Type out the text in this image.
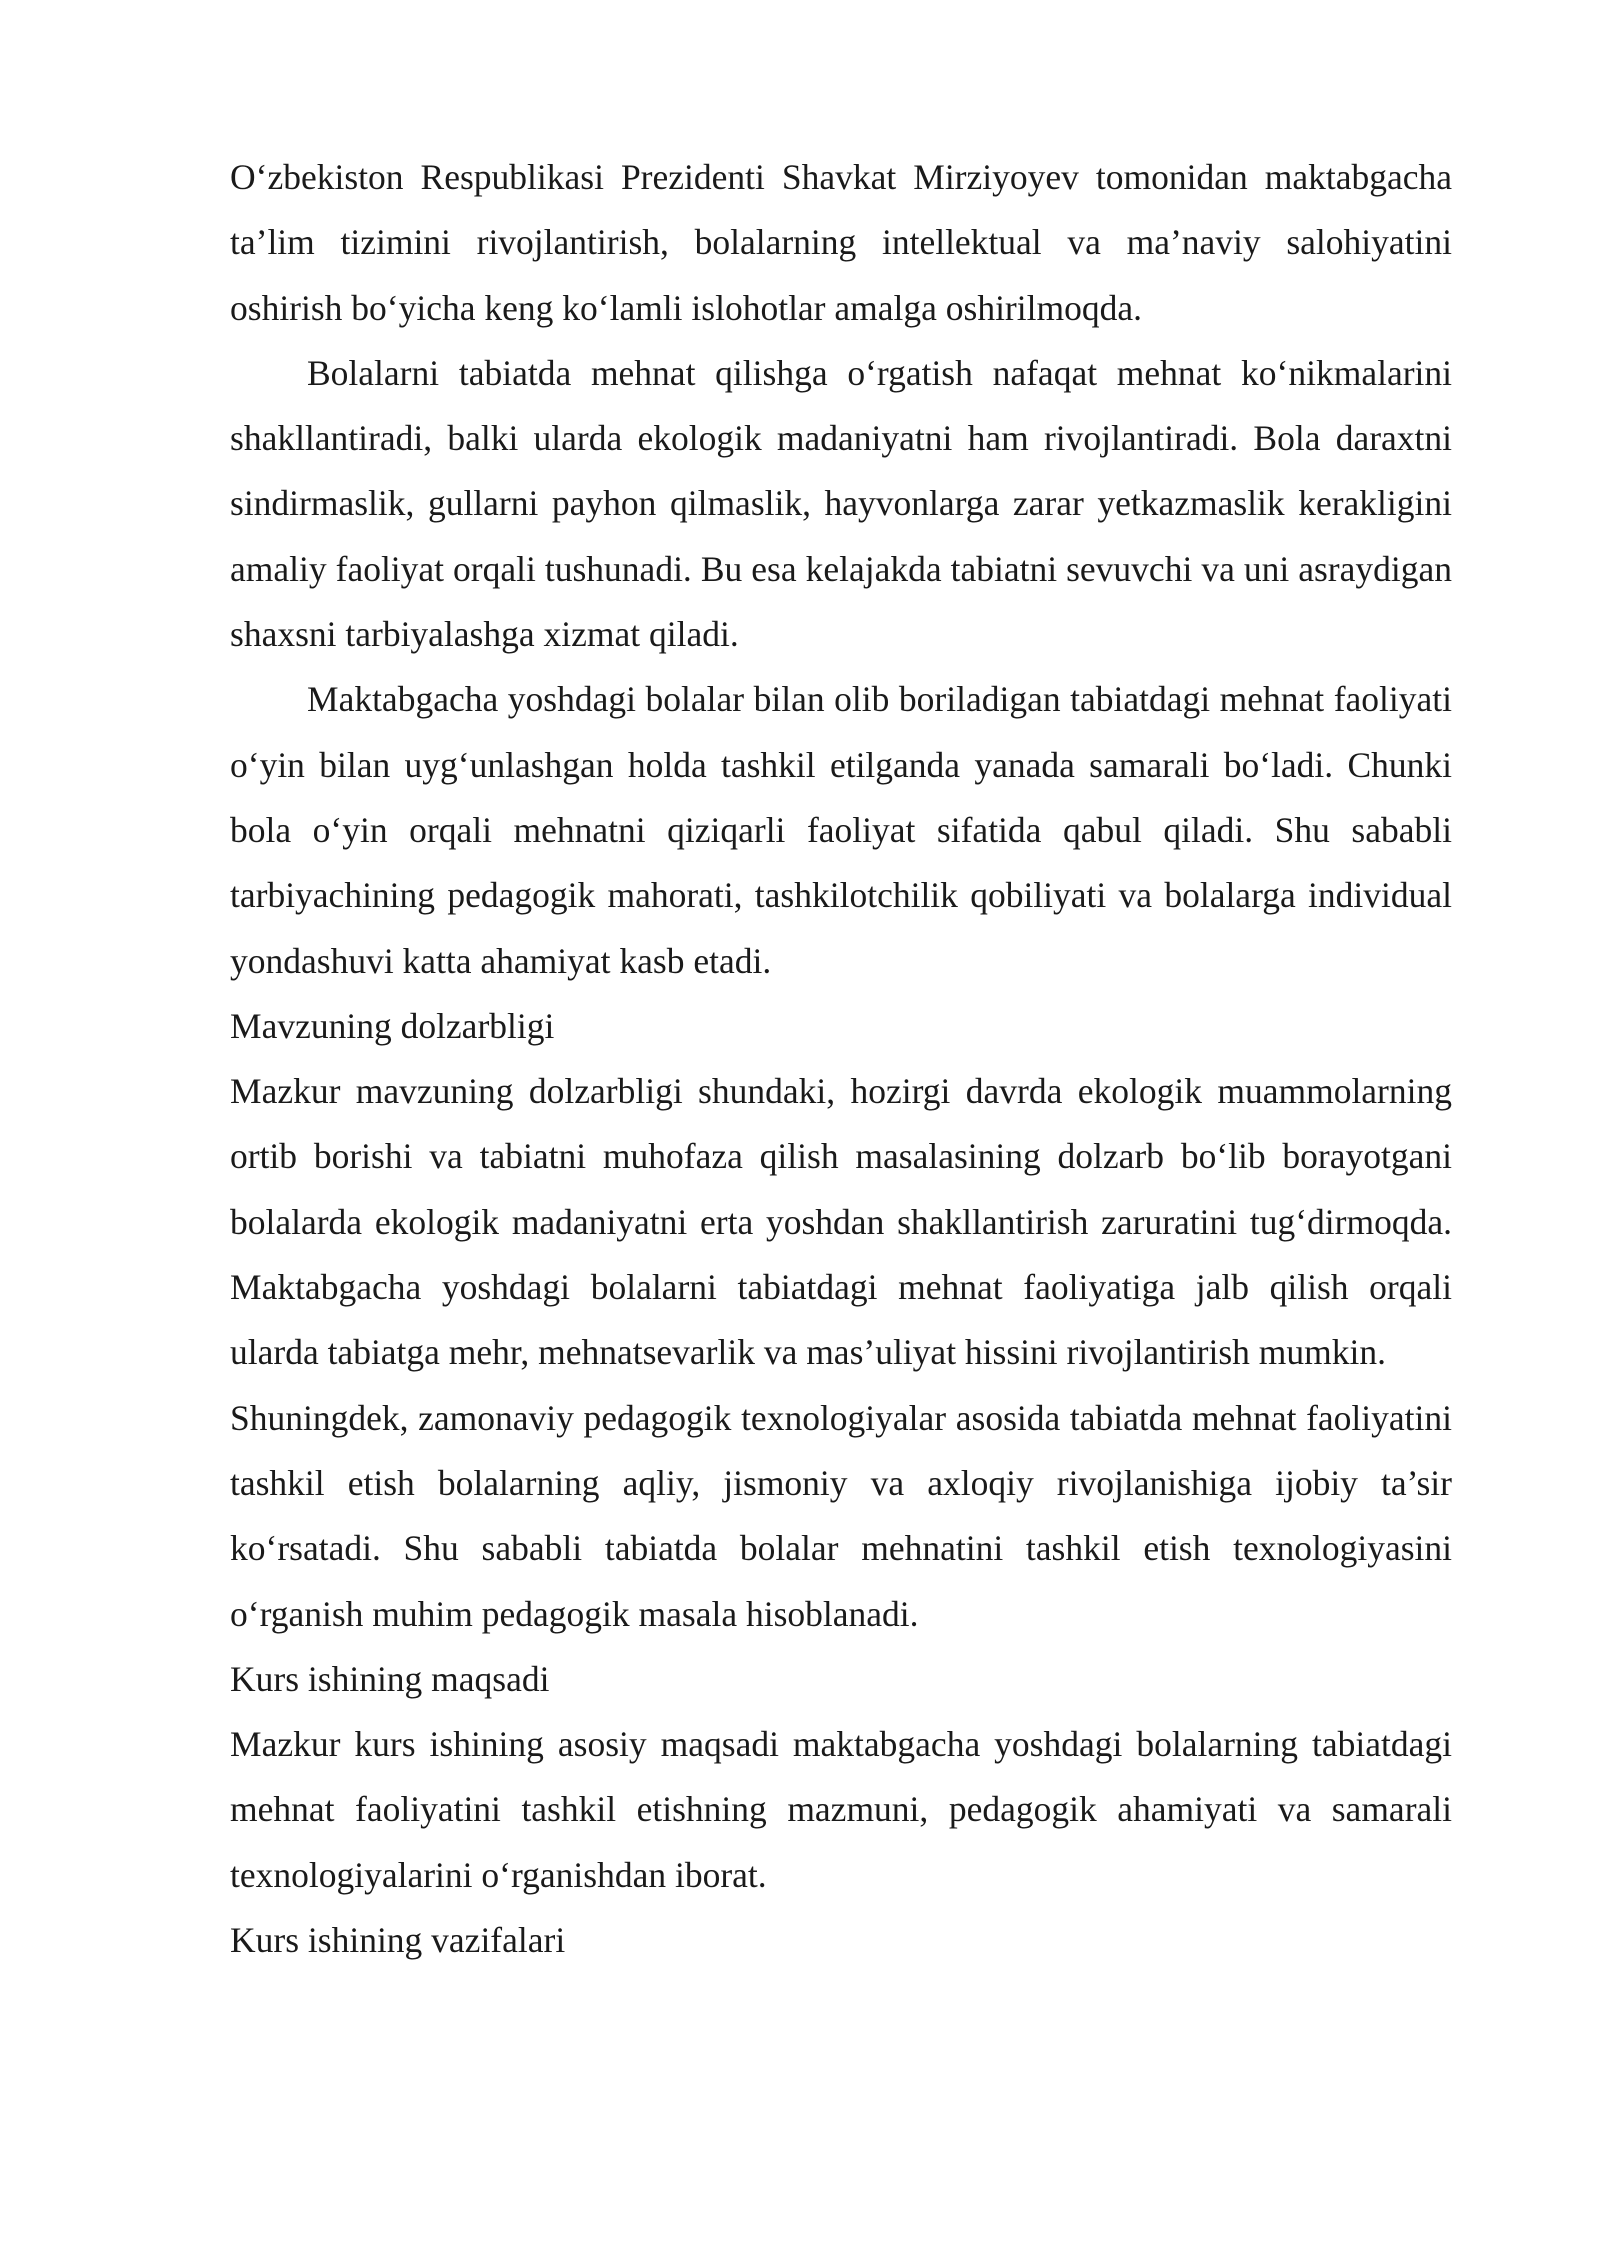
O‘zbekiston Respublikasi Prezidenti Shavkat Mirziyoyev tomonidan maktabgacha ta’lim tizimini rivojlantirish, bolalarning intellektual va ma’naviy salohiyatini oshirish bo‘yicha keng ko‘lamli islohotlar amalga oshirilmoqda.

Bolalarni tabiatda mehnat qilishga o‘rgatish nafaqat mehnat ko‘nikmalarini shakllantiradi, balki ularda ekologik madaniyatni ham rivojlantiradi. Bola daraxtni sindirmaslik, gullarni payhon qilmaslik, hayvonlarga zarar yetkazmaslik kerakligini amaliy faoliyat orqali tushunadi. Bu esa kelajakda tabiatni sevuvchi va uni asraydigan shaxsni tarbiyalashga xizmat qiladi.

Maktabgacha yoshdagi bolalar bilan olib boriladigan tabiatdagi mehnat faoliyati o‘yin bilan uyg‘unlashgan holda tashkil etilganda yanada samarali bo‘ladi. Chunki bola o‘yin orqali mehnatni qiziqarli faoliyat sifatida qabul qiladi. Shu sababli tarbiyachining pedagogik mahorati, tashkilotchilik qobiliyati va bolalarga individual yondashuvi katta ahamiyat kasb etadi.

Mavzuning dolzarbligi

Mazkur mavzuning dolzarbligi shundaki, hozirgi davrda ekologik muammolarning ortib borishi va tabiatni muhofaza qilish masalasining dolzarb bo‘lib borayotgani bolalarda ekologik madaniyatni erta yoshdan shakllantirish zaruratini tug‘dirmoqda. Maktabgacha yoshdagi bolalarni tabiatdagi mehnat faoliyatiga jalb qilish orqali ularda tabiatga mehr, mehnatsevarlik va mas’uliyat hissini rivojlantirish mumkin.

Shuningdek, zamonaviy pedagogik texnologiyalar asosida tabiatda mehnat faoliyatini tashkil etish bolalarning aqliy, jismoniy va axloqiy rivojlanishiga ijobiy ta’sir ko‘rsatadi. Shu sababli tabiatda bolalar mehnatini tashkil etish texnologiyasini o‘rganish muhim pedagogik masala hisoblanadi.

Kurs ishining maqsadi

Mazkur kurs ishining asosiy maqsadi maktabgacha yoshdagi bolalarning tabiatdagi mehnat faoliyatini tashkil etishning mazmuni, pedagogik ahamiyati va samarali texnologiyalarini o‘rganishdan iborat.

Kurs ishining vazifalari
